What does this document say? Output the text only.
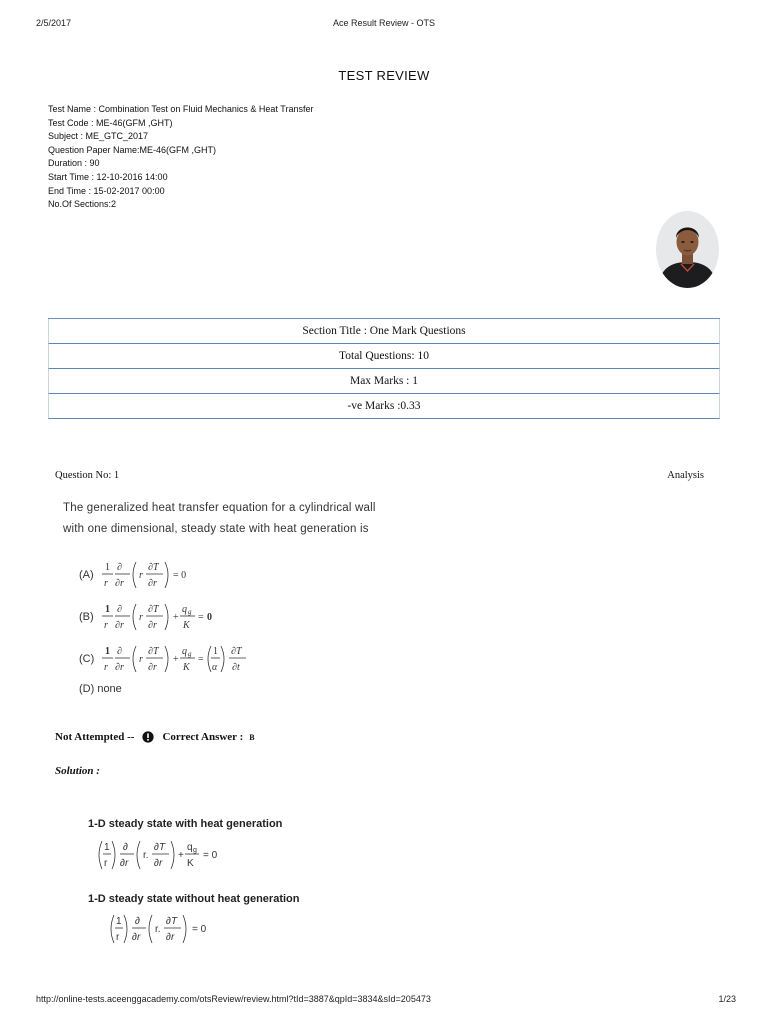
2/5/2017	Ace Result Review - OTS
TEST REVIEW
Test Name : Combination Test on Fluid Mechanics & Heat Transfer
Test Code : ME-46(GFM ,GHT)
Subject : ME_GTC_2017
Question Paper Name:ME-46(GFM ,GHT)
Duration : 90
Start Time : 12-10-2016 14:00
End Time : 15-02-2017 00:00
No.Of Sections:2
Section Title : One Mark Questions
Total Questions: 10
Max Marks : 1
-ve Marks :0.33
Question No: 1	Analysis
The generalized heat transfer equation for a cylindrical wall
with one dimensional, steady state with heat generation is
(A)
1
r
∂
∂r
r
∂T
∂r
= 0
(B)
1
r
∂
∂r
r
∂T
∂r
+
q g
K
= 0
(C)
1
r
∂
∂r
r
∂T
∂r
+
q g
K
=
1
α
∂T
∂t
(D) none
Not Attempted --	Correct Answer : B
Solution :
1-D steady state with heat generation
1
r
∂
∂r
r.
∂T
∂r
+
q g
K
= 0
1-D steady state without heat generation
1
r
∂
∂r
r.
∂T
∂r
= 0
http://online-tests.aceenggacademy.com/otsReview/review.html?tId=3887&qpId=3834&sId=205473	1/23
